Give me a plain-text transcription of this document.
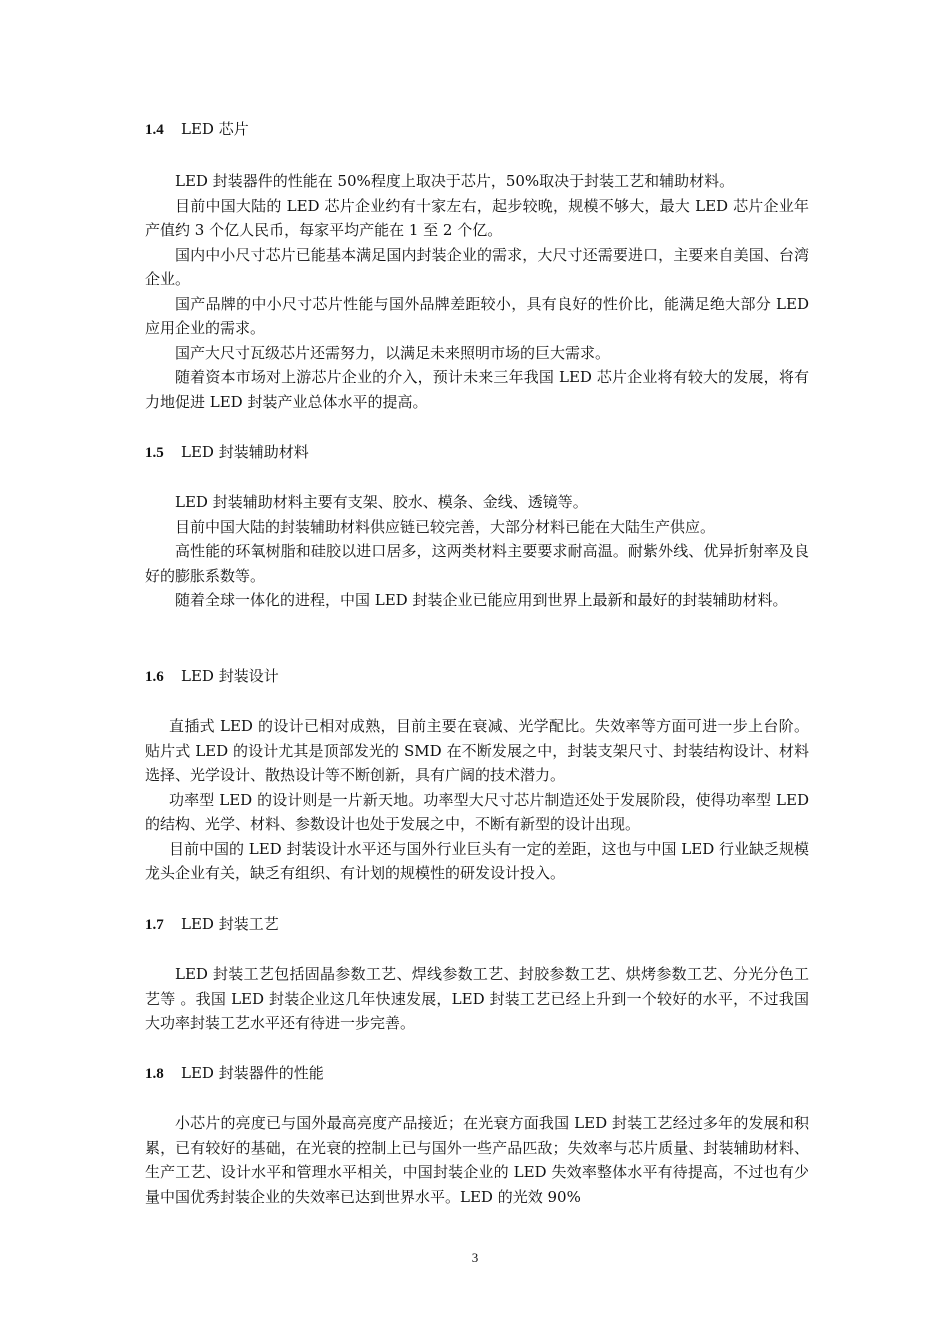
1.4 LED 芯片

LED 封装器件的性能在 50%程度上取决于芯片，50%取决于封装工艺和辅助材料。

目前中国大陆的 LED 芯片企业约有十家左右，起步较晚，规模不够大，最大 LED 芯片企业年产值约 3 个亿人民币，每家平均产能在 1 至 2 个亿。

国内中小尺寸芯片已能基本满足国内封装企业的需求，大尺寸还需要进口，主要来自美国、台湾企业。

国产品牌的中小尺寸芯片性能与国外品牌差距较小，具有良好的性价比，能满足绝大部分 LED 应用企业的需求。

国产大尺寸瓦级芯片还需努力，以满足未来照明市场的巨大需求。

随着资本市场对上游芯片企业的介入，预计未来三年我国 LED 芯片企业将有较大的发展，将有力地促进 LED 封装产业总体水平的提高。

1.5 LED 封装辅助材料

LED 封装辅助材料主要有支架、胶水、模条、金线、透镜等。

目前中国大陆的封装辅助材料供应链已较完善，大部分材料已能在大陆生产供应。

高性能的环氧树脂和硅胶以进口居多，这两类材料主要要求耐高温。耐紫外线、优异折射率及良好的膨胀系数等。

随着全球一体化的进程，中国 LED 封装企业已能应用到世界上最新和最好的封装辅助材料。

1.6 LED 封装设计

直插式 LED 的设计已相对成熟，目前主要在衰减、光学配比。失效率等方面可进一步上台阶。贴片式 LED 的设计尤其是顶部发光的 SMD 在不断发展之中，封装支架尺寸、封装结构设计、材料选择、光学设计、散热设计等不断创新，具有广阔的技术潜力。

功率型 LED 的设计则是一片新天地。功率型大尺寸芯片制造还处于发展阶段，使得功率型 LED 的结构、光学、材料、参数设计也处于发展之中，不断有新型的设计出现。

目前中国的 LED 封装设计水平还与国外行业巨头有一定的差距，这也与中国 LED 行业缺乏规模龙头企业有关，缺乏有组织、有计划的规模性的研发设计投入。

1.7 LED 封装工艺

LED 封装工艺包括固晶参数工艺、焊线参数工艺、封胶参数工艺、烘烤参数工艺、分光分色工艺等 。我国 LED 封装企业这几年快速发展，LED 封装工艺已经上升到一个较好的水平，不过我国大功率封装工艺水平还有待进一步完善。

1.8 LED 封装器件的性能

小芯片的亮度已与国外最高亮度产品接近；在光衰方面我国 LED 封装工艺经过多年的发展和积累，已有较好的基础，在光衰的控制上已与国外一些产品匹敌；失效率与芯片质量、封装辅助材料、生产工艺、设计水平和管理水平相关，中国封装企业的 LED 失效率整体水平有待提高，不过也有少量中国优秀封装企业的失效率已达到世界水平。LED 的光效 90%

3
